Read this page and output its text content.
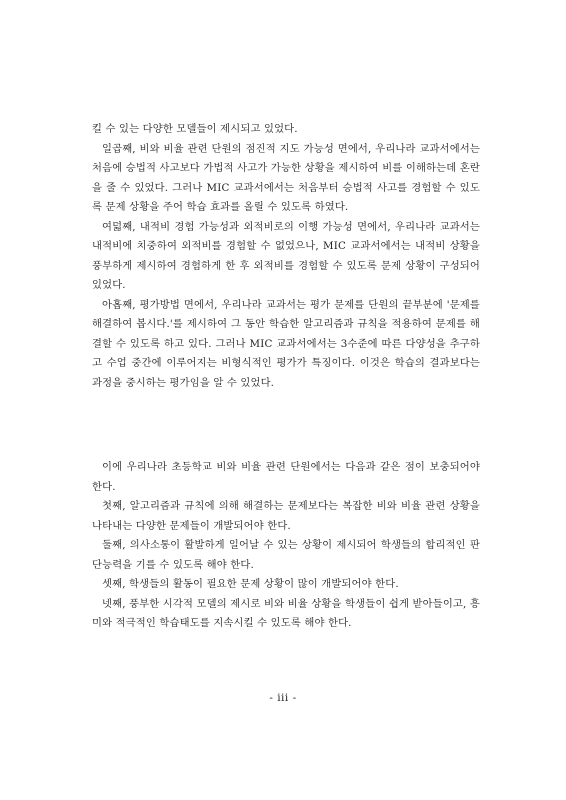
킬 수 있는 다양한 모델들이 제시되고 있었다.

일곱째, 비와 비율 관련 단원의 점진적 지도 가능성 면에서, 우리나라 교과서에서는 처음에 승법적 사고보다 가법적 사고가 가능한 상황을 제시하여 비를 이해하는데 혼란을 줄 수 있었다. 그러나 MIC 교과서에서는 처음부터 승법적 사고를 경험할 수 있도록 문제 상황을 주어 학습 효과를 올릴 수 있도록 하였다.

여덟째, 내적비 경험 가능성과 외적비로의 이행 가능성 면에서, 우리나라 교과서는 내적비에 치중하여 외적비를 경험할 수 없었으나, MIC 교과서에서는 내적비 상황을 풍부하게 제시하여 경험하게 한 후 외적비를 경험할 수 있도록 문제 상황이 구성되어 있었다.

아홉째, 평가방법 면에서, 우리나라 교과서는 평가 문제를 단원의 끝부분에 '문제를 해결하여 봅시다.'를 제시하여 그 동안 학습한 알고리즘과 규칙을 적용하여 문제를 해결할 수 있도록 하고 있다. 그러나 MIC 교과서에서는 3수준에 따른 다양성을 추구하고 수업 중간에 이루어지는 비형식적인 평가가 특징이다. 이것은 학습의 결과보다는 과정을 중시하는 평가임을 알 수 있었다.

이에 우리나라 초등학교 비와 비율 관련 단원에서는 다음과 같은 점이 보충되어야 한다.

첫째, 알고리즘과 규칙에 의해 해결하는 문제보다는 복잡한 비와 비율 관련 상황을 나타내는 다양한 문제들이 개발되어야 한다.

둘째, 의사소통이 활발하게 일어날 수 있는 상황이 제시되어 학생들의 합리적인 판단능력을 기를 수 있도록 해야 한다.

셋째, 학생들의 활동이 필요한 문제 상황이 많이 개발되어야 한다.

넷째, 풍부한 시각적 모델의 제시로 비와 비율 상황을 학생들이 쉽게 받아들이고, 흥미와 적극적인 학습태도를 지속시킬 수 있도록 해야 한다.

- iii -
